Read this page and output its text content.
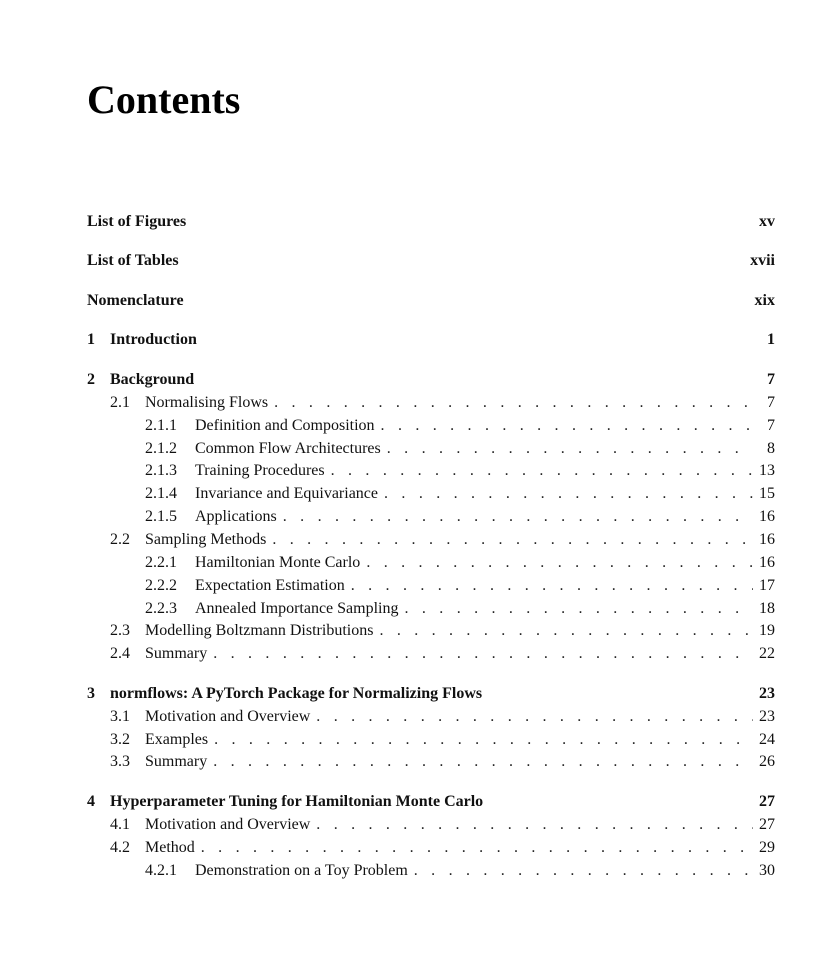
Contents
List of Figures	xv
List of Tables	xvii
Nomenclature	xix
1 Introduction	1
2 Background	7
2.1 Normalising Flows . . .	7
2.1.1	Definition and Composition . . .	7
2.1.2	Common Flow Architectures . . .	8
2.1.3	Training Procedures . . .	13
2.1.4	Invariance and Equivariance . . .	15
2.1.5	Applications . . .	16
2.2 Sampling Methods . . .	16
2.2.1	Hamiltonian Monte Carlo . . .	16
2.2.2	Expectation Estimation . . .	17
2.2.3	Annealed Importance Sampling . . .	18
2.3 Modelling Boltzmann Distributions . . .	19
2.4 Summary . . .	22
3 normflows: A PyTorch Package for Normalizing Flows	23
3.1 Motivation and Overview . . .	23
3.2 Examples . . .	24
3.3 Summary . . .	26
4 Hyperparameter Tuning for Hamiltonian Monte Carlo	27
4.1 Motivation and Overview . . .	27
4.2 Method . . .	29
4.2.1	Demonstration on a Toy Problem . . .	30
